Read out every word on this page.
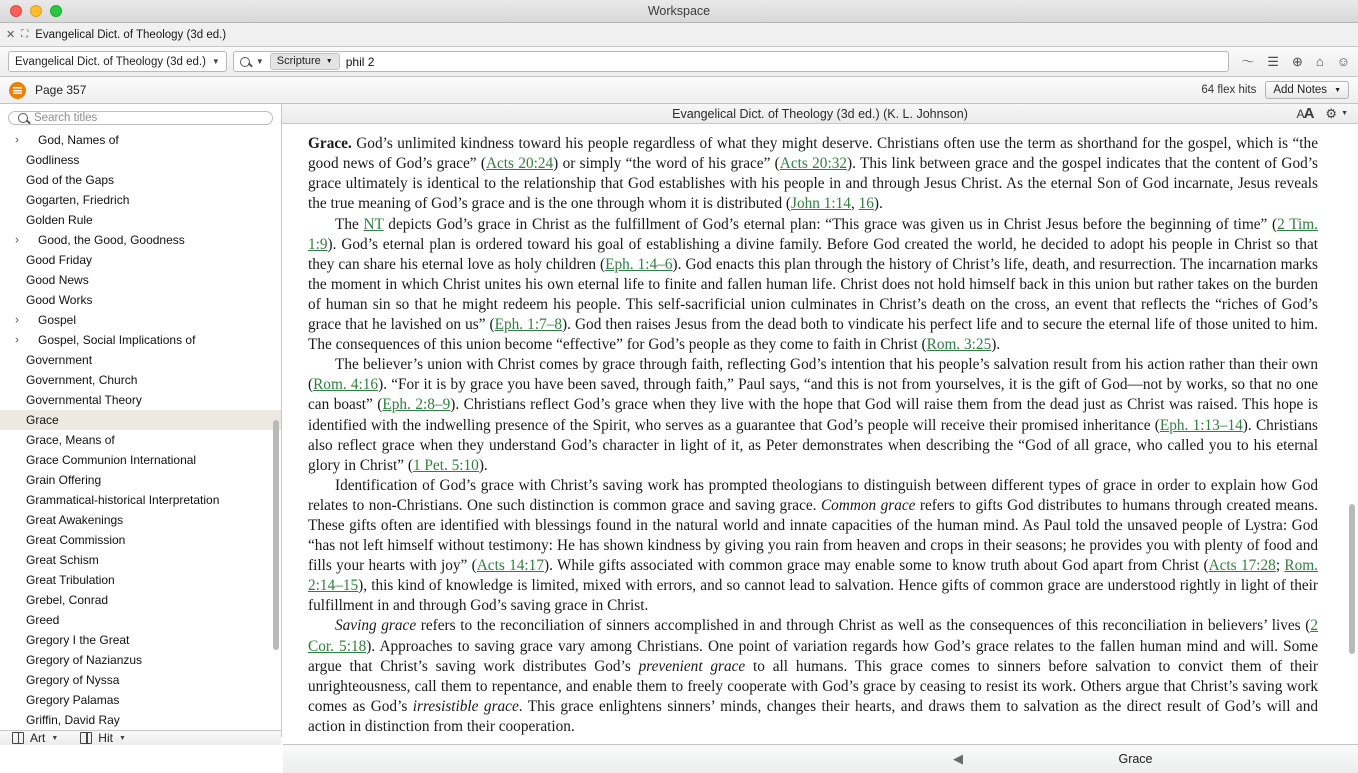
Workspace
✕ ⛶ Evangelical Dict. of Theology (3d ed.)
Evangelical Dict. of Theology (3d ed.) ▼	▼ Scripture ▼ phil 2	〜 ☰ ⊕ ⌂ ☺
Page 357	64 flex hits Add Notes ▼
Search titles
› God, Names of
Godliness
God of the Gaps
Gogarten, Friedrich
Golden Rule
› Good, the Good, Goodness
Good Friday
Good News
Good Works
› Gospel
› Gospel, Social Implications of
Government
Government, Church
Governmental Theory
Grace
Grace, Means of
Grace Communion International
Grain Offering
Grammatical-historical Interpretation
Great Awakenings
Great Commission
Great Schism
Great Tribulation
Grebel, Conrad
Greed
Gregory I the Great
Gregory of Nazianzus
Gregory of Nyssa
Gregory Palamas
Griffin, David Ray
Art ▼	Hit ▼
Evangelical Dict. of Theology (3d ed.) (K. L. Johnson)	AA ⚙ ▼

Grace. God’s unlimited kindness toward his people regardless of what they might deserve. Christians often use the term as shorthand for the gospel, which is “the good news of God’s grace” (Acts 20:24) or simply “the word of his grace” (Acts 20:32). This link between grace and the gospel indicates that the content of God’s grace ultimately is identical to the relationship that God establishes with his people in and through Jesus Christ. As the eternal Son of God incarnate, Jesus reveals the true meaning of God’s grace and is the one through whom it is distributed (John 1:14, 16).

The NT depicts God’s grace in Christ as the fulfillment of God’s eternal plan: “This grace was given us in Christ Jesus before the beginning of time” (2 Tim. 1:9). God’s eternal plan is ordered toward his goal of establishing a divine family. Before God created the world, he decided to adopt his people in Christ so that they can share his eternal love as holy children (Eph. 1:4–6). God enacts this plan through the history of Christ’s life, death, and resurrection. The incarnation marks the moment in which Christ unites his own eternal life to finite and fallen human life. Christ does not hold himself back in this union but rather takes on the burden of human sin so that he might redeem his people. This self-sacrificial union culminates in Christ’s death on the cross, an event that reflects the “riches of God’s grace that he lavished on us” (Eph. 1:7–8). God then raises Jesus from the dead both to vindicate his perfect life and to secure the eternal life of those united to him. The consequences of this union become “effective” for God’s people as they come to faith in Christ (Rom. 3:25).

The believer’s union with Christ comes by grace through faith, reflecting God’s intention that his people’s salvation result from his action rather than their own (Rom. 4:16). “For it is by grace you have been saved, through faith,” Paul says, “and this is not from yourselves, it is the gift of God—not by works, so that no one can boast” (Eph. 2:8–9). Christians reflect God’s grace when they live with the hope that God will raise them from the dead just as Christ was raised. This hope is identified with the indwelling presence of the Spirit, who serves as a guarantee that God’s people will receive their promised inheritance (Eph. 1:13–14). Christians also reflect grace when they understand God’s character in light of it, as Peter demonstrates when describing the “God of all grace, who called you to his eternal glory in Christ” (1 Pet. 5:10).

Identification of God’s grace with Christ’s saving work has prompted theologians to distinguish between different types of grace in order to explain how God relates to non-Christians. One such distinction is common grace and saving grace. Common grace refers to gifts God distributes to humans through created means. These gifts often are identified with blessings found in the natural world and innate capacities of the human mind. As Paul told the unsaved people of Lystra: God “has not left himself without testimony: He has shown kindness by giving you rain from heaven and crops in their seasons; he provides you with plenty of food and fills your hearts with joy” (Acts 14:17). While gifts associated with common grace may enable some to know truth about God apart from Christ (Acts 17:28; Rom. 2:14–15), this kind of knowledge is limited, mixed with errors, and so cannot lead to salvation. Hence gifts of common grace are understood rightly in light of their fulfillment in and through God’s saving grace in Christ.

Saving grace refers to the reconciliation of sinners accomplished in and through Christ as well as the consequences of this reconciliation in believers’ lives (2 Cor. 5:18). Approaches to saving grace vary among Christians. One point of variation regards how God’s grace relates to the fallen human mind and will. Some argue that Christ’s saving work distributes God’s prevenient grace to all humans. This grace comes to sinners before salvation to convict them of their unrighteousness, call them to repentance, and enable them to freely cooperate with God’s grace by ceasing to resist its work. Others argue that Christ’s saving work comes as God’s irresistible grace. This grace enlightens sinners’ minds, changes their hearts, and draws them to salvation as the direct result of God’s will and action in distinction from their cooperation.

◀	Grace
